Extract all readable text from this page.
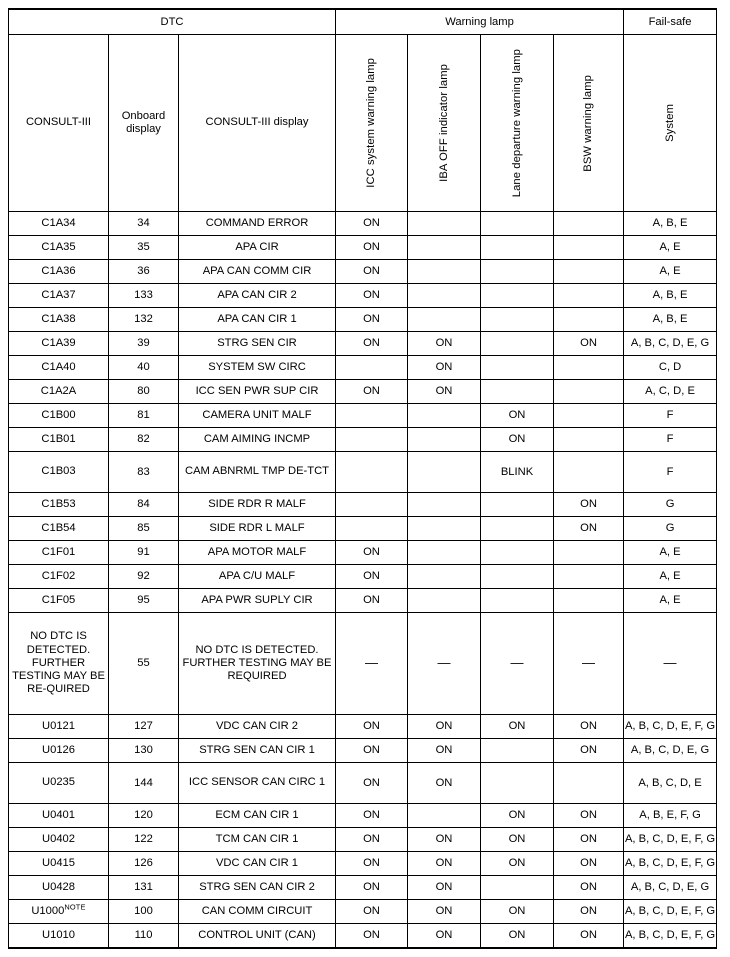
DTC			Warning lamp				Fail-safe

CONSULT-III	Onboard display	CONSULT-III display	ICC system warning lamp	IBA OFF indicator lamp	Lane departure warning lamp	BSW warning lamp	System

C1A34	34	COMMAND ERROR	ON				A, B, E

C1A35	35	APA CIR	ON				A, E

C1A36	36	APA CAN COMM CIR	ON				A, E

C1A37	133	APA CAN CIR 2	ON				A, B, E

C1A38	132	APA CAN CIR 1	ON				A, B, E

C1A39	39	STRG SEN CIR	ON	ON		ON	A, B, C, D, E, G

C1A40	40	SYSTEM SW CIRC		ON			C, D

C1A2A	80	ICC SEN PWR SUP CIR	ON	ON			A, C, D, E

C1B00	81	CAMERA UNIT MALF			ON		F

C1B01	82	CAM AIMING INCMP			ON		F

C1B03	83	CAM ABNRML TMP DE-TCT			BLINK		F

C1B53	84	SIDE RDR R MALF				ON	G

C1B54	85	SIDE RDR L MALF				ON	G

C1F01	91	APA MOTOR MALF	ON				A, E

C1F02	92	APA C/U MALF	ON				A, E

C1F05	95	APA PWR SUPLY CIR	ON				A, E

NO DTC IS DETECTED. FURTHER TESTING MAY BE RE-QUIRED	55	NO DTC IS DETECTED. FURTHER TESTING MAY BE REQUIRED	—	—	—	—	—

U0121	127	VDC CAN CIR 2	ON	ON	ON	ON	A, B, C, D, E, F, G

U0126	130	STRG SEN CAN CIR 1	ON	ON		ON	A, B, C, D, E, G

U0235	144	ICC SENSOR CAN CIRC 1	ON	ON			A, B, C, D, E

U0401	120	ECM CAN CIR 1	ON		ON	ON	A, B, E, F, G

U0402	122	TCM CAN CIR 1	ON	ON	ON	ON	A, B, C, D, E, F, G

U0415	126	VDC CAN CIR 1	ON	ON	ON	ON	A, B, C, D, E, F, G

U0428	131	STRG SEN CAN CIR 2	ON	ON		ON	A, B, C, D, E, G

U1000$^{NOTE}$	100	CAN COMM CIRCUIT	ON	ON	ON	ON	A, B, C, D, E, F, G

U1010	110	CONTROL UNIT (CAN)	ON	ON	ON	ON	A, B, C, D, E, F, G
